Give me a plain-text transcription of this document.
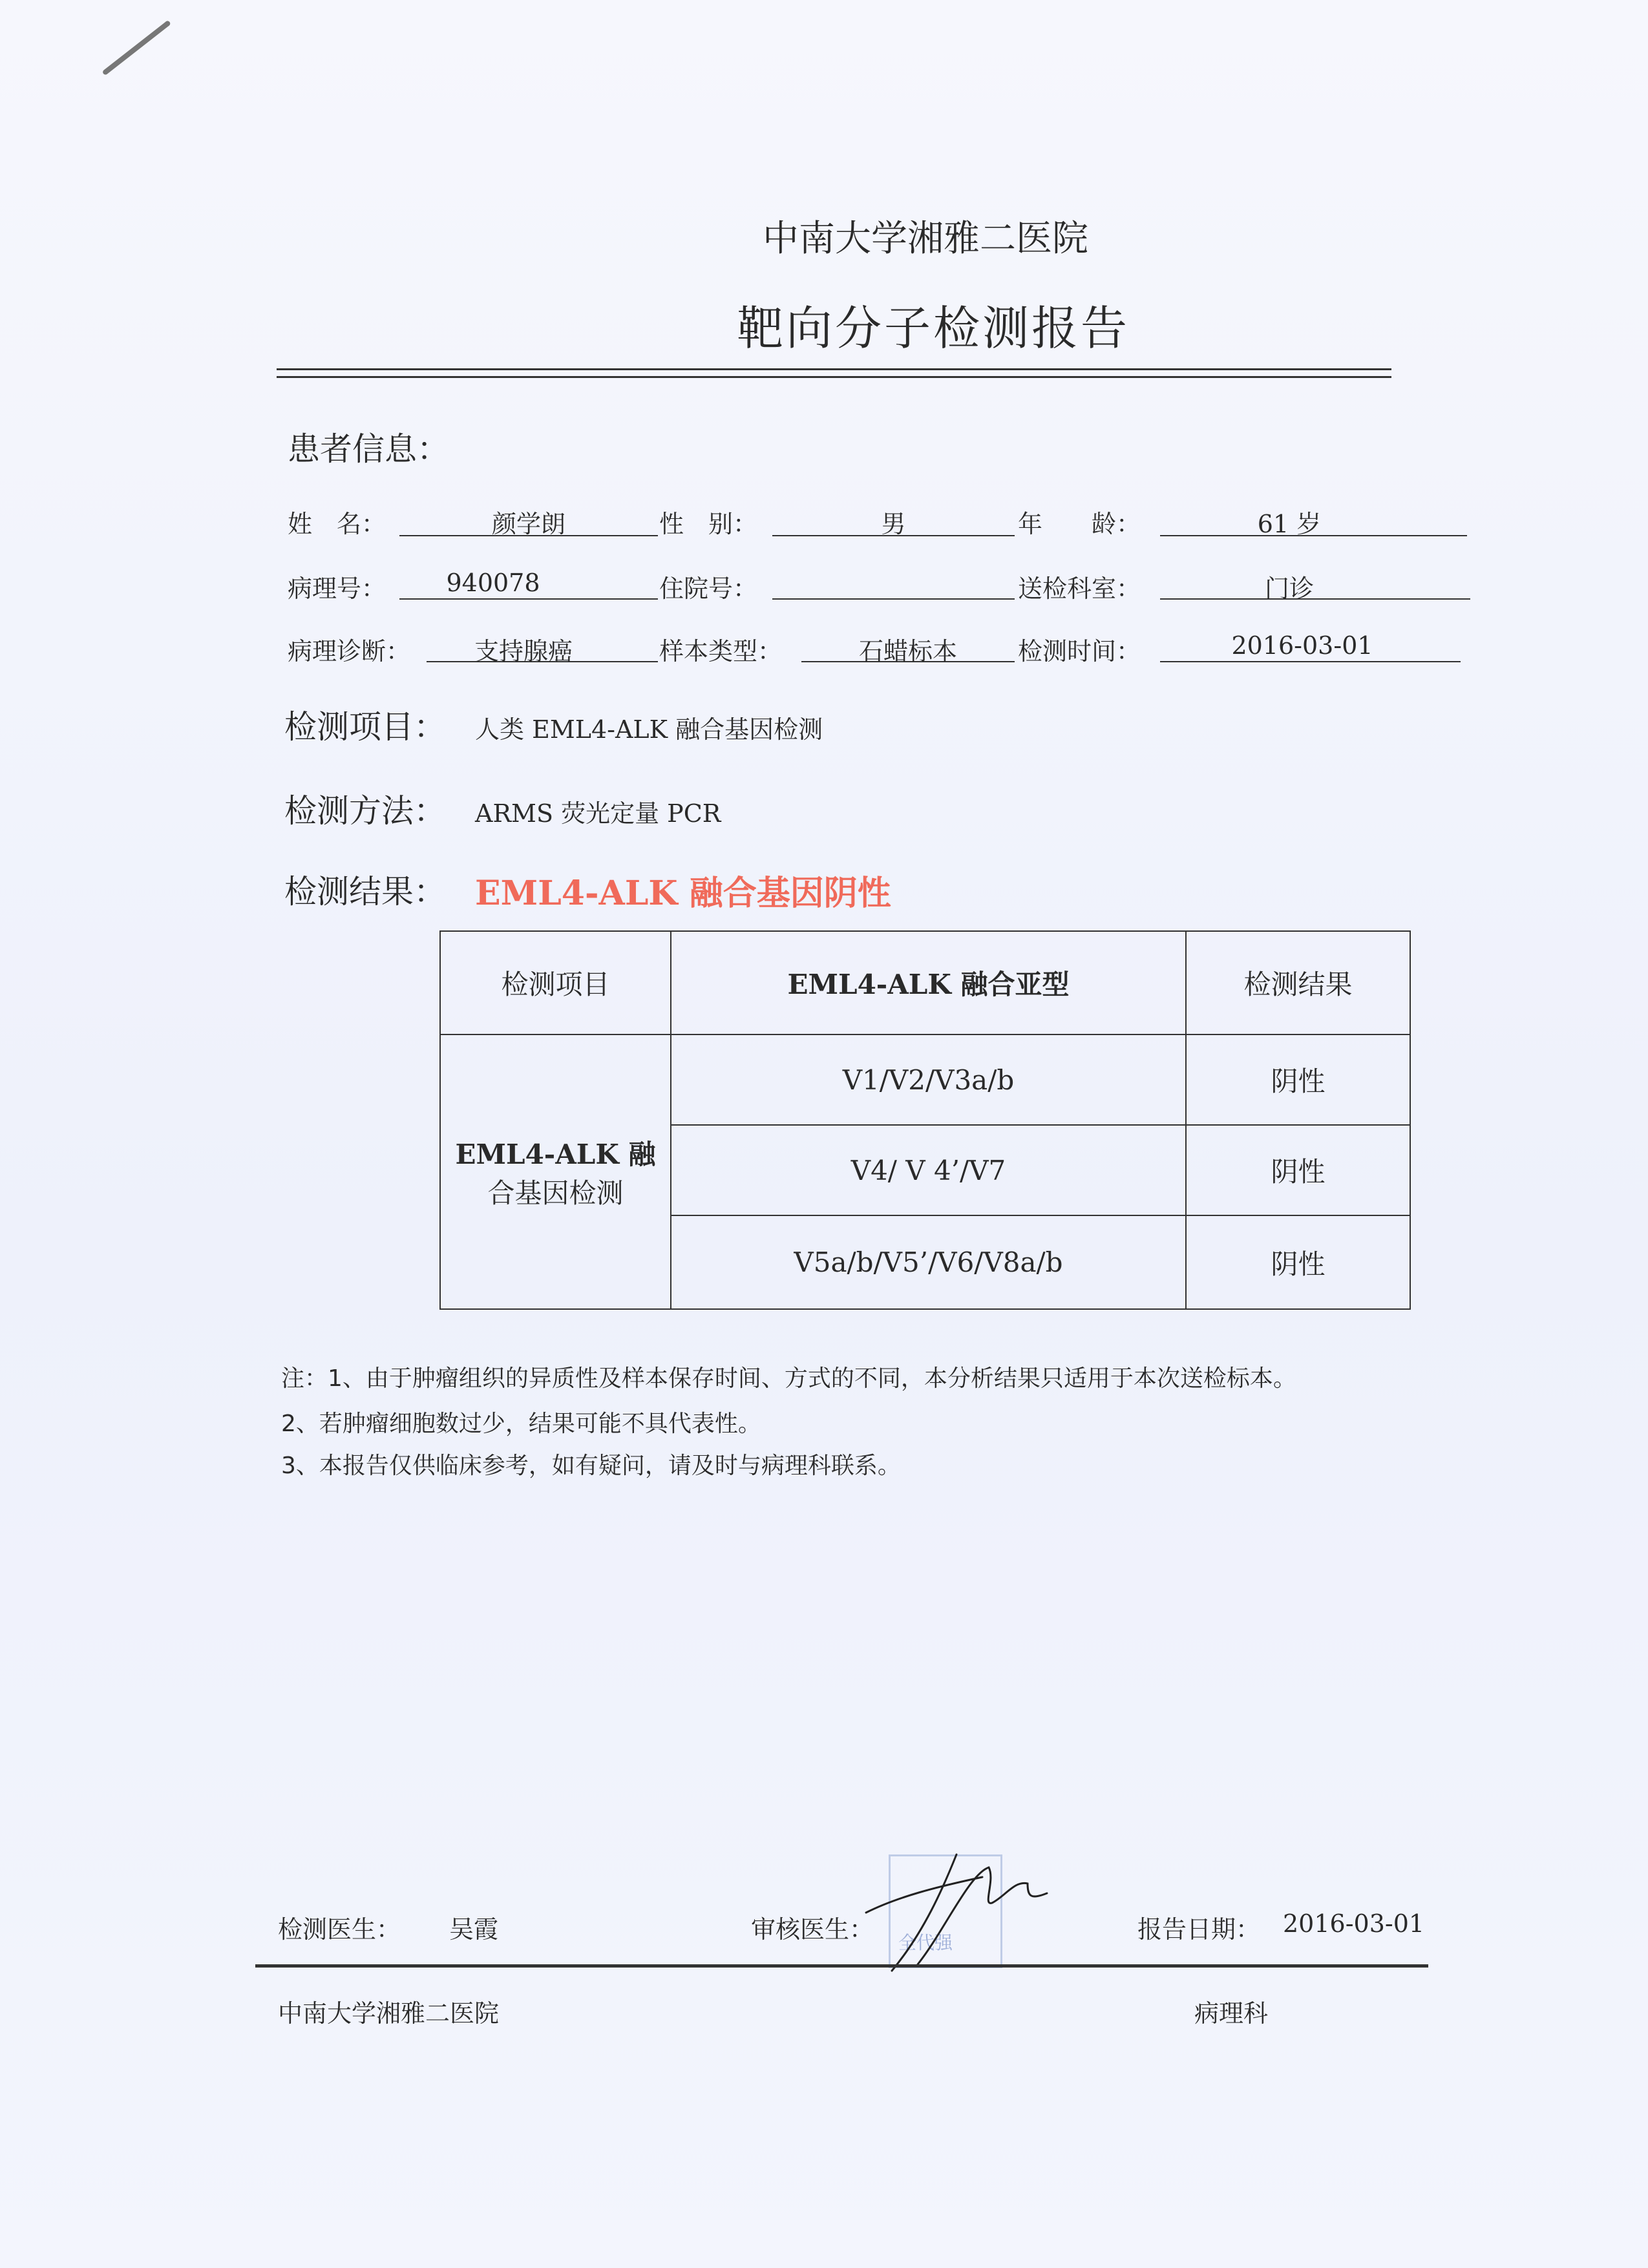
中南大学湘雅二医院
靶向分子检测报告
患者信息：
姓　名：	颜学朗	性　别：	男	年　　龄：	61 岁
病理号：	940078	住院号：	送检科室：	门诊
病理诊断：	支持腺癌	样本类型：	石蜡标本	检测时间：	2016-03-01
检测项目： 人类 EML4-ALK 融合基因检测
检测方法： ARMS 荧光定量 PCR
检测结果： EML4-ALK 融合基因阴性
检测项目	EML4-ALK 融合亚型	检测结果

EML4-ALK 融
合基因检测	V1/V2/V3a/b	阴性
	V4/ V 4’/V7	阴性
	V5a/b/V5’/V6/V8a/b	阴性
注：1、由于肿瘤组织的异质性及样本保存时间、方式的不同，本分析结果只适用于本次送检标本。
2、若肿瘤细胞数过少，结果可能不具代表性。
3、本报告仅供临床参考，如有疑问，请及时与病理科联系。
检测医生： 吴霞	审核医生： 全代强	报告日期： 2016-03-01
中南大学湘雅二医院	病理科
